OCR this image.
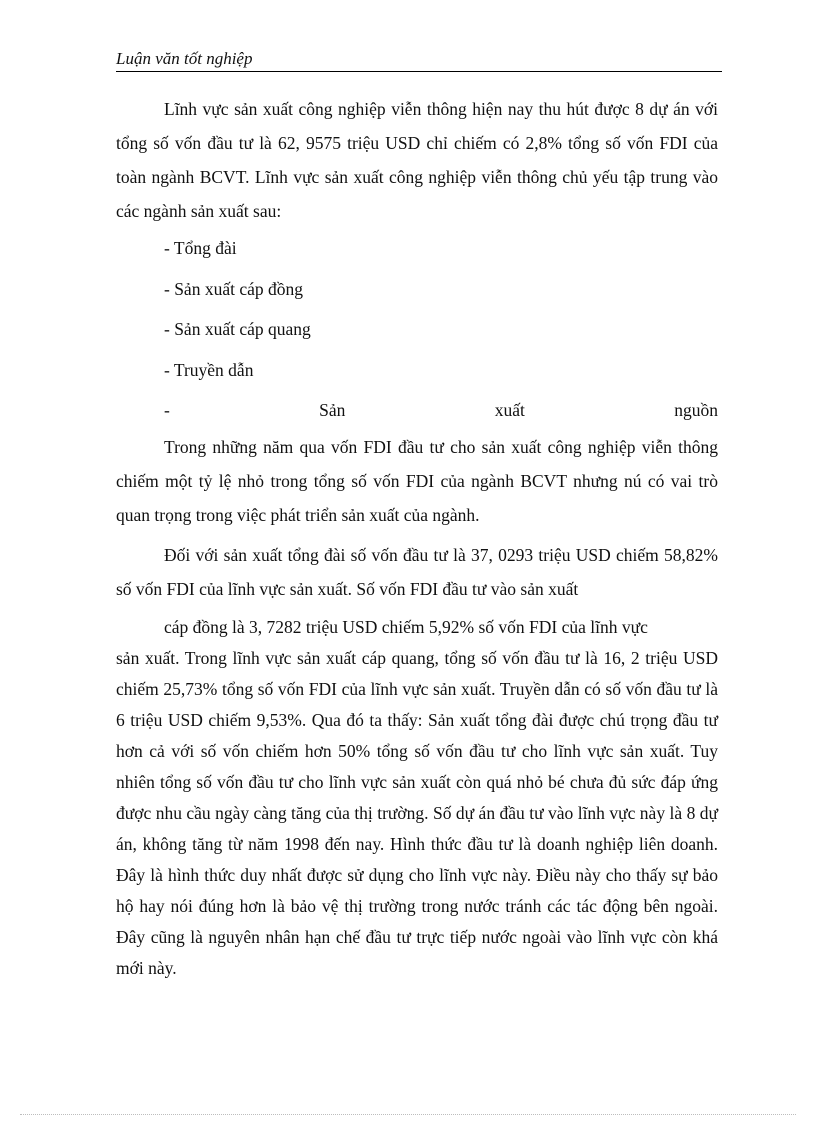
Luận văn tốt nghiệp

Lĩnh vực sản xuất công nghiệp viễn thông hiện nay thu hút được 8 dự án với tổng số vốn đầu tư là 62, 9575 triệu USD chỉ chiếm có 2,8% tổng số vốn FDI của toàn ngành BCVT. Lĩnh vực sản xuất công nghiệp viễn thông chủ yếu tập trung vào các ngành sản xuất sau:

- Tổng đài

- Sản xuất cáp đồng

- Sản xuất cáp quang

- Truyền dẫn

-	Sản	xuất	nguồn

Trong những năm qua vốn FDI đầu tư cho sản xuất công nghiệp viễn thông chiếm một tỷ lệ nhỏ trong tổng số vốn FDI của ngành BCVT nhưng nú có vai trò quan trọng trong việc phát triển sản xuất của ngành.

Đối với sản xuất tổng đài số vốn đầu tư là 37, 0293 triệu USD chiếm 58,82% số vốn FDI của lĩnh vực sản xuất. Số vốn FDI đầu tư vào sản xuất

cáp đồng là 3, 7282 triệu USD chiếm 5,92% số vốn FDI của lĩnh vực

sản xuất. Trong lĩnh vực sản xuất cáp quang, tổng số vốn đầu tư là 16, 2 triệu USD chiếm 25,73% tổng số vốn FDI của lĩnh vực sản xuất. Truyền dẫn có số vốn đầu tư là 6 triệu USD chiếm 9,53%. Qua đó ta thấy: Sản xuất tổng đài được chú trọng đầu tư hơn cả với số vốn chiếm hơn 50% tổng số vốn đầu tư cho lĩnh vực sản xuất. Tuy nhiên tổng số vốn đầu tư cho lĩnh vực sản xuất còn quá nhỏ bé chưa đủ sức đáp ứng được nhu cầu ngày càng tăng của thị trường. Số dự án đầu tư vào lĩnh vực này là 8 dự án, không tăng từ năm 1998 đến nay. Hình thức đầu tư là doanh nghiệp liên doanh. Đây là hình thức duy nhất được sử dụng cho lĩnh vực này. Điều này cho thấy sự bảo hộ hay nói đúng hơn là bảo vệ thị trường trong nước tránh các tác động bên ngoài. Đây cũng là nguyên nhân hạn chế đầu tư trực tiếp nước ngoài vào lĩnh vực còn khá mới này.
